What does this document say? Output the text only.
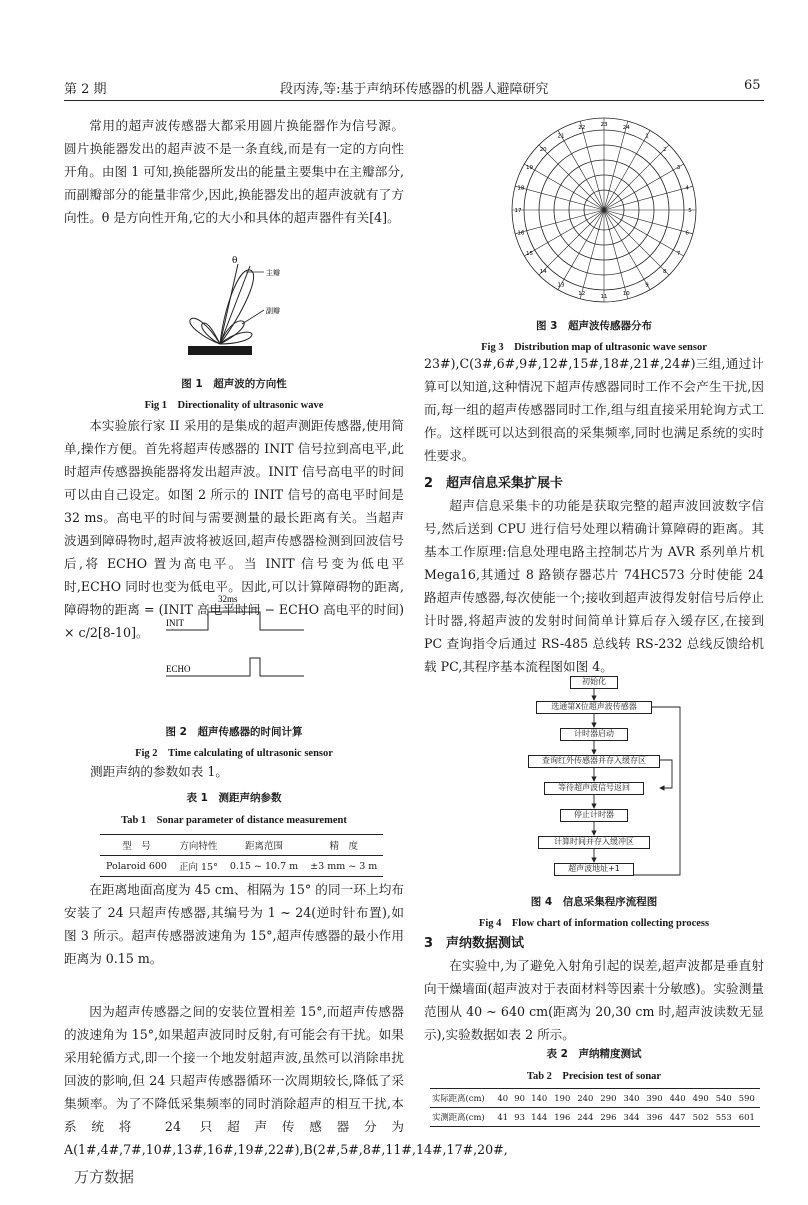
第 2 期	段丙涛,等:基于声纳环传感器的机器人避障研究	65

常用的超声波传感器大都采用圆片换能器作为信号源。圆片换能器发出的超声波不是一条直线,而是有一定的方向性开角。由图 1 可知,换能器所发出的能量主要集中在主瓣部分,而副瓣部分的能量非常少,因此,换能器发出的超声波就有了方向性。θ 是方向性开角,它的大小和具体的超声器件有关[4]。

θ
主瓣
副瓣
图 1　超声波的方向性
Fig 1　Directionality of ultrasonic wave

本实验旅行家 II 采用的是集成的超声测距传感器,使用简单,操作方便。首先将超声传感器的 INIT 信号拉到高电平,此时超声传感器换能器将发出超声波。INIT 信号高电平的时间可以由自己设定。如图 2 所示的 INIT 信号的高电平时间是 32 ms。高电平的时间与需要测量的最长距离有关。当超声波遇到障碍物时,超声波将被返回,超声传感器检测到回波信号后,将 ECHO 置为高电平。当 INIT 信号变为低电平时,ECHO 同时也变为低电平。因此,可以计算障碍物的距离,障碍物的距离 = (INIT 高电平时间 − ECHO 高电平的时间) × c/2[8-10]。

32ms
INIT
ECHO
图 2　超声传感器的时间计算
Fig 2　Time calculating of ultrasonic sensor
测距声纳的参数如表 1。
表 1　测距声纳参数
Tab 1　Sonar parameter of distance measurement
型　号	方向特性	距离范围	精　度
Polaroid 600	正向 15°	0.15 ~ 10.7 m	±3 mm ~ 3 m

在距离地面高度为 45 cm、相隔为 15° 的同一环上均布安装了 24 只超声传感器,其编号为 1 ~ 24(逆时针布置),如图 3 所示。超声传感器波速角为 15°,超声传感器的最小作用距离为 0.15 m。

因为超声传感器之间的安装位置相差 15°,而超声传感器的波速角为 15°,如果超声波同时反射,有可能会有干扰。如果采用轮循方式,即一个接一个地发射超声波,虽然可以消除串扰回波的影响,但 24 只超声传感器循环一次周期较长,降低了采集频率。为了不降低采集频率的同时消除超声的相互干扰,本系统将 24 只超声传感器分为 A(1#,4#,7#,10#,13#,16#,19#,22#),B(2#,5#,8#,11#,14#,17#,20#,

1
2
3
4
5
6
7
8
9
10
11
12
13
14
15
16
17
18
19
20
21
22	23	24
图 3　超声波传感器分布
Fig 3　Distribution map of ultrasonic wave sensor

23#),C(3#,6#,9#,12#,15#,18#,21#,24#)三组,通过计算可以知道,这种情况下超声传感器同时工作不会产生干扰,因而,每一组的超声传感器同时工作,组与组直接采用轮询方式工作。这样既可以达到很高的采集频率,同时也满足系统的实时性要求。

2　超声信息采集扩展卡

超声信息采集卡的功能是获取完整的超声波回波数字信号,然后送到 CPU 进行信号处理以精确计算障碍的距离。其基本工作原理:信息处理电路主控制芯片为 AVR 系列单片机 Mega16,其通过 8 路锁存器芯片 74HC573 分时使能 24 路超声传感器,每次使能一个;接收到超声波得发射信号后停止计时器,将超声波的发射时间简单计算后存入缓存区,在接到 PC 查询指令后通过 RS-485 总线转 RS-232 总线反馈给机载 PC,其程序基本流程图如图 4。

初始化
选通第X位超声波传感器
计时器启动
查询红外传感器并存入缓存区
等待超声波信号返回
停止计时器
计算时间并存入缓冲区
超声波地址+1
图 4　信息采集程序流程图
Fig 4　Flow chart of information collecting process
3　声纳数据测试

在实验中,为了避免入射角引起的误差,超声波都是垂直射向干燥墙面(超声波对于表面材料等因素十分敏感)。实验测量范围从 40 ~ 640 cm(距离为 20,30 cm 时,超声波读数无显示),实验数据如表 2 所示。

表 2　声纳精度测试
Tab 2　Precision test of sonar
实际距离(cm)	40	90	140	190	240	290	340	390	440	490	540	590
实测距离(cm)	41	93	144	196	244	296	344	396	447	502	553	601
万方数据
